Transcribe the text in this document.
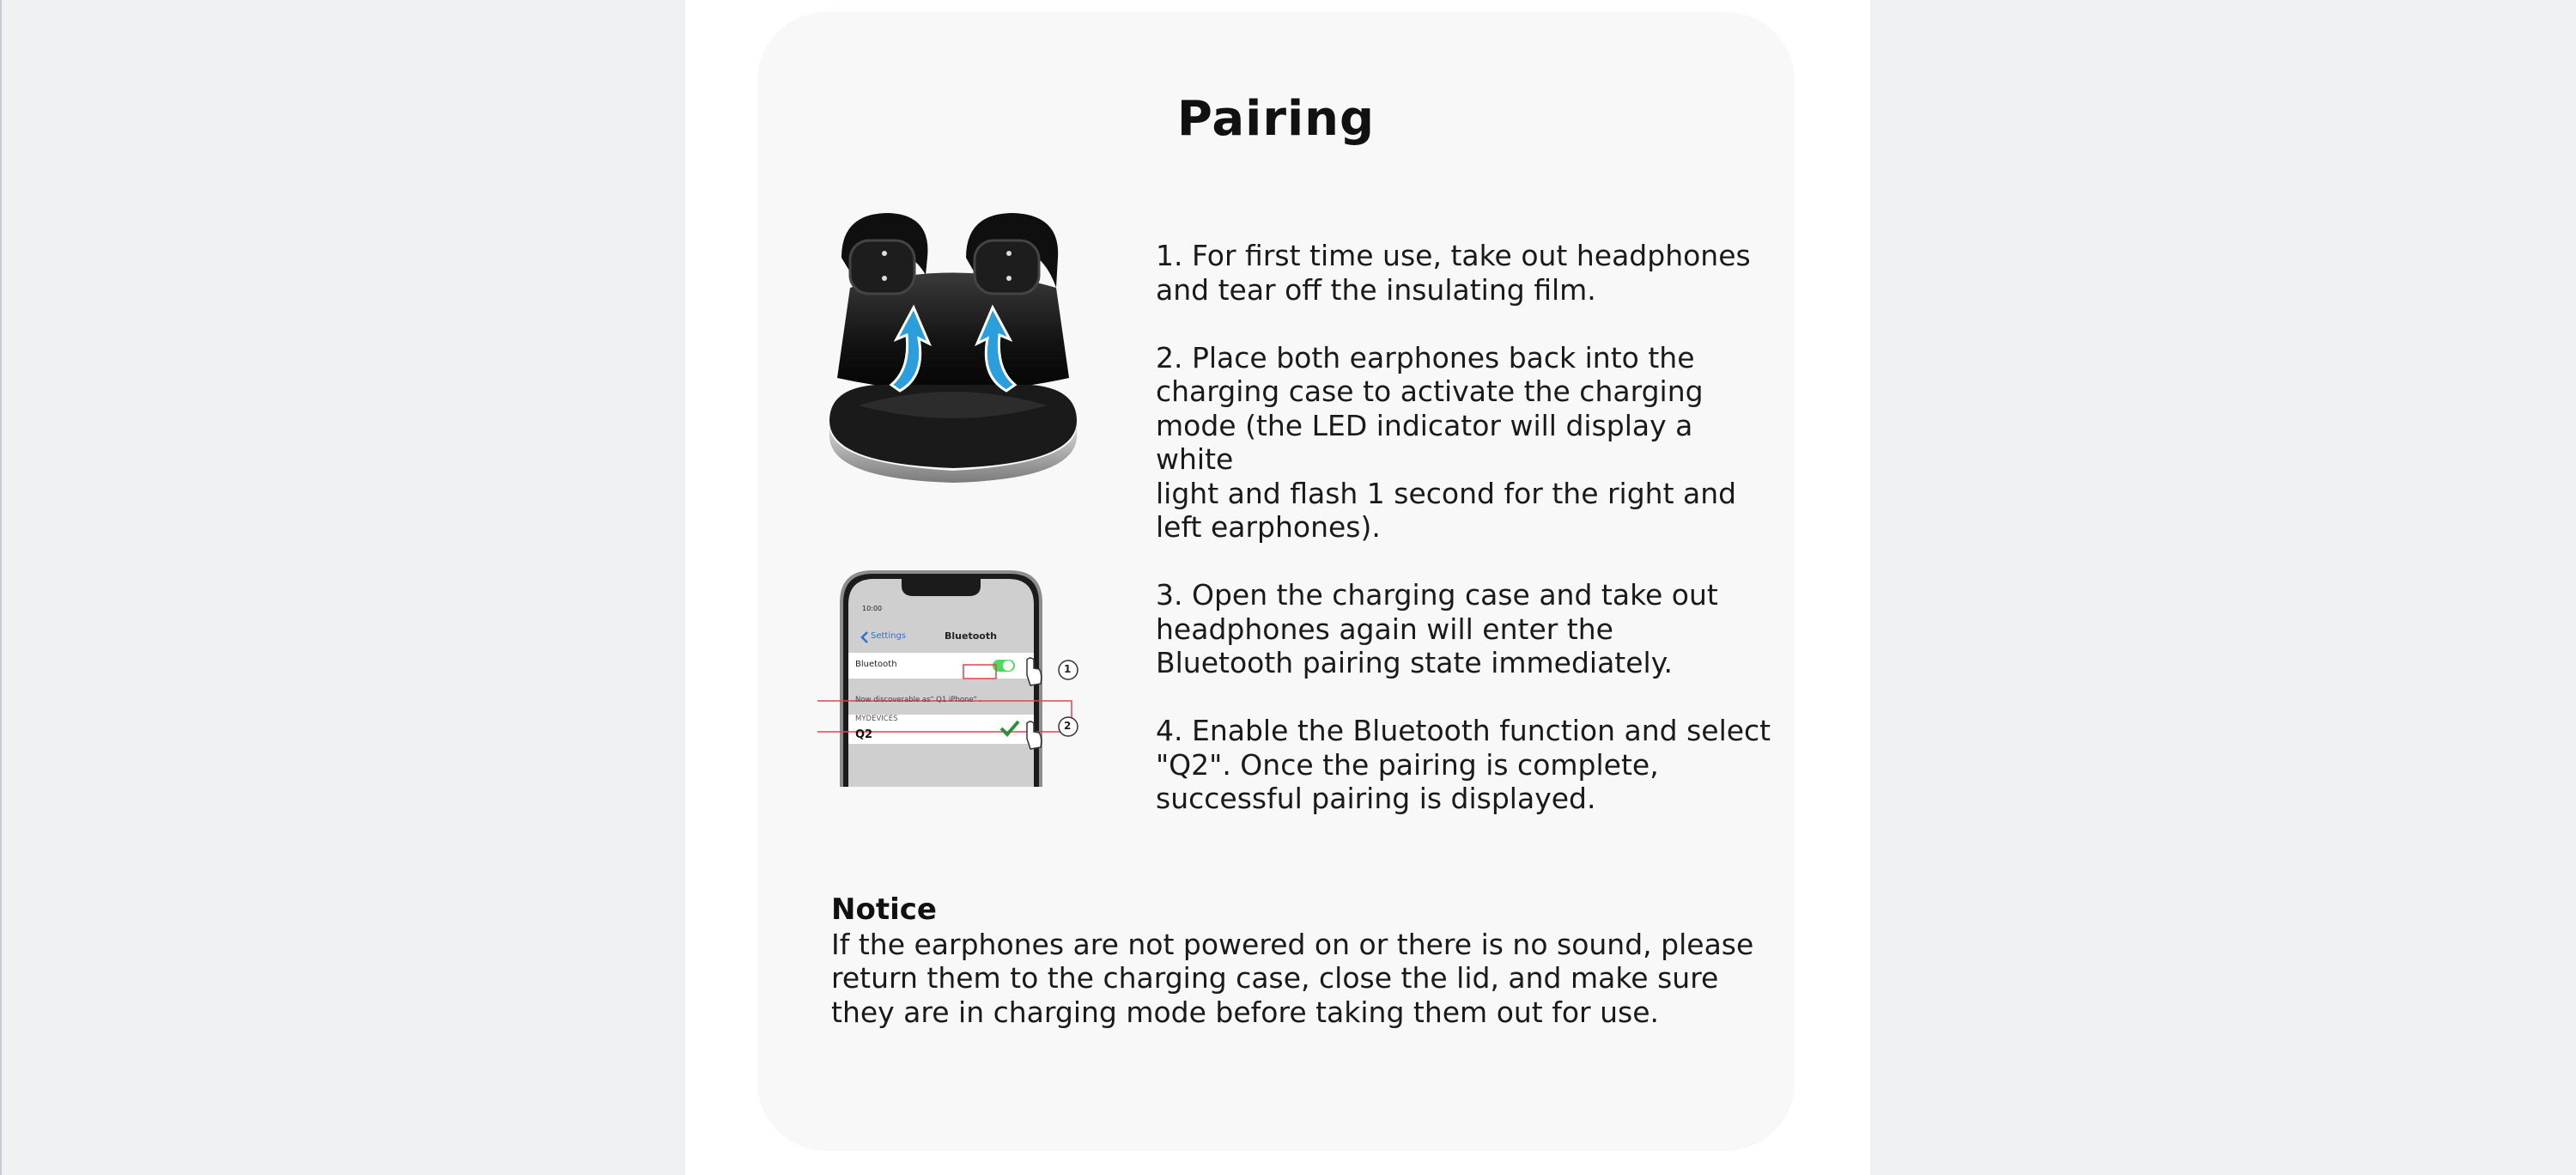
Pairing
10:00
Settings	Bluetooth
Bluetooth
Now discoverable as" Q1 iPhone" .
MYDEVICES
Q2
1
2

1. For first time use, take out headphones
and tear off the insulating film.

2. Place both earphones back into the
charging case to activate the charging
mode (the LED indicator will display a white
light and flash 1 second for the right and
left earphones).

3. Open the charging case and take out
headphones again will enter the
Bluetooth pairing state immediately.

4. Enable the Bluetooth function and select
"Q2". Once the pairing is complete,
successful pairing is displayed.

Notice
If the earphones are not powered on or there is no sound, please
return them to the charging case, close the lid, and make sure
they are in charging mode before taking them out for use.
